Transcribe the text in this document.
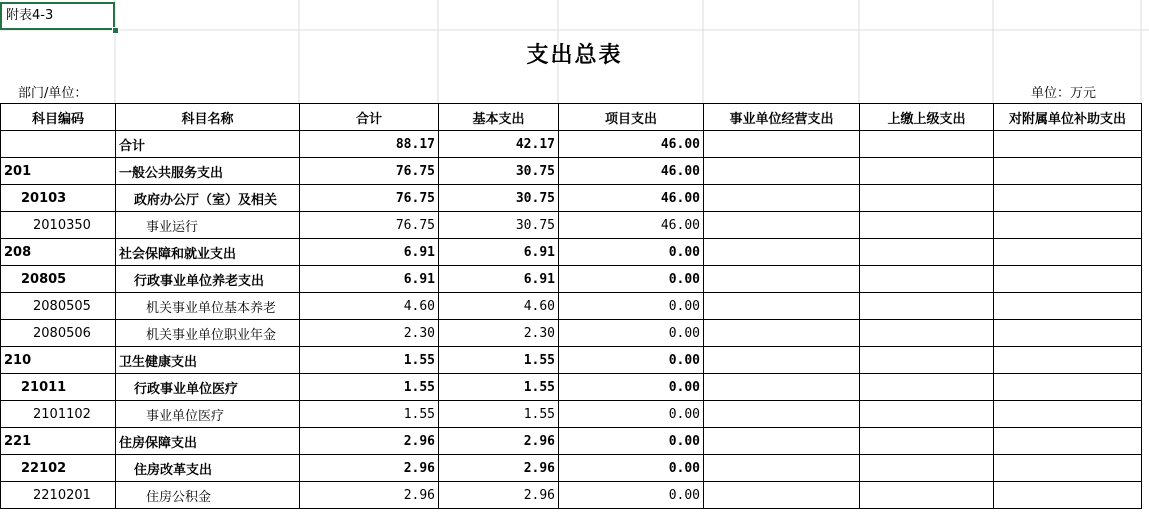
附表4-3
支出总表
部门/单位：	单位：万元
科目编码	科目名称	合计	基本支出	项目支出	事业单位经营支出	上缴上级支出	对附属单位补助支出
	合计	88.17	42.17	46.00			
201	一般公共服务支出	76.75	30.75	46.00			
20103	政府办公厅（室）及相关	76.75	30.75	46.00			
2010350	事业运行	76.75	30.75	46.00			
208	社会保障和就业支出	6.91	6.91	0.00			
20805	行政事业单位养老支出	6.91	6.91	0.00			
2080505	机关事业单位基本养老	4.60	4.60	0.00			
2080506	机关事业单位职业年金	2.30	2.30	0.00			
210	卫生健康支出	1.55	1.55	0.00			
21011	行政事业单位医疗	1.55	1.55	0.00			
2101102	事业单位医疗	1.55	1.55	0.00			
221	住房保障支出	2.96	2.96	0.00			
22102	住房改革支出	2.96	2.96	0.00			
2210201	住房公积金	2.96	2.96	0.00			
